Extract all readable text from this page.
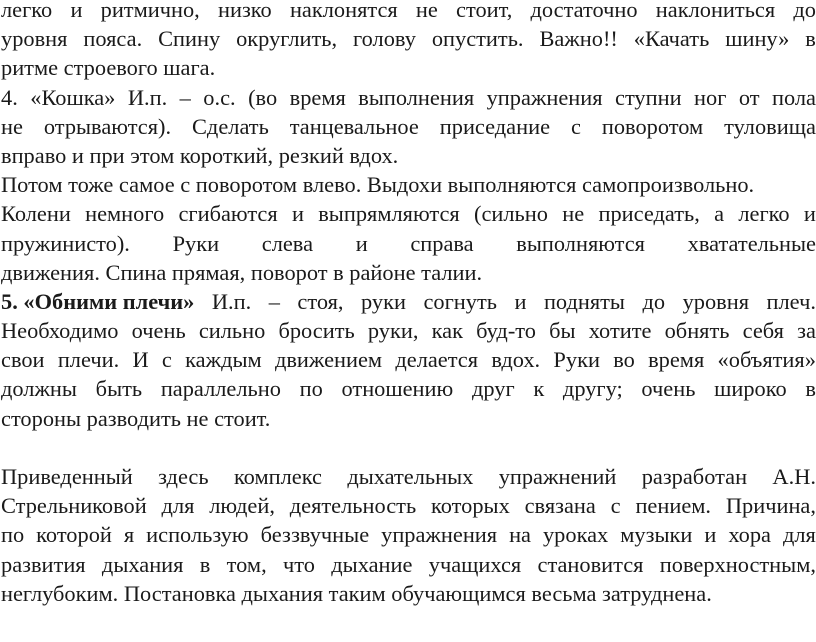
легко и ритмично, низко наклонятся не стоит, достаточно наклониться до
уровня пояса. Спину округлить, голову опустить. Важно!! «Качать шину» в
ритме строевого шага.
4. «Кошка» И.п. – о.с. (во время выполнения упражнения ступни ног от пола
не отрываются). Сделать танцевальное приседание с поворотом туловища
вправо и при этом короткий, резкий вдох.
Потом тоже самое с поворотом влево. Выдохи выполняются самопроизвольно.
Колени немного сгибаются и выпрямляются (сильно не приседать, а легко и
пружинисто). Руки слева и справа выполняются хватательные
движения. Спина прямая, поворот в районе талии.
5. «Обними плечи» И.п. – стоя, руки согнуть и подняты до уровня плеч.
Необходимо очень сильно бросить руки, как буд-то бы хотите обнять себя за
свои плечи. И с каждым движением делается вдох. Руки во время «объятия»
должны быть параллельно по отношению друг к другу; очень широко в
стороны разводить не стоит.
Приведенный здесь комплекс дыхательных упражнений разработан А.Н.
Стрельниковой для людей, деятельность которых связана с пением. Причина,
по которой я использую беззвучные упражнения на уроках музыки и хора для
развития дыхания в том, что дыхание учащихся становится поверхностным,
неглубоким. Постановка дыхания таким обучающимся весьма затруднена.
